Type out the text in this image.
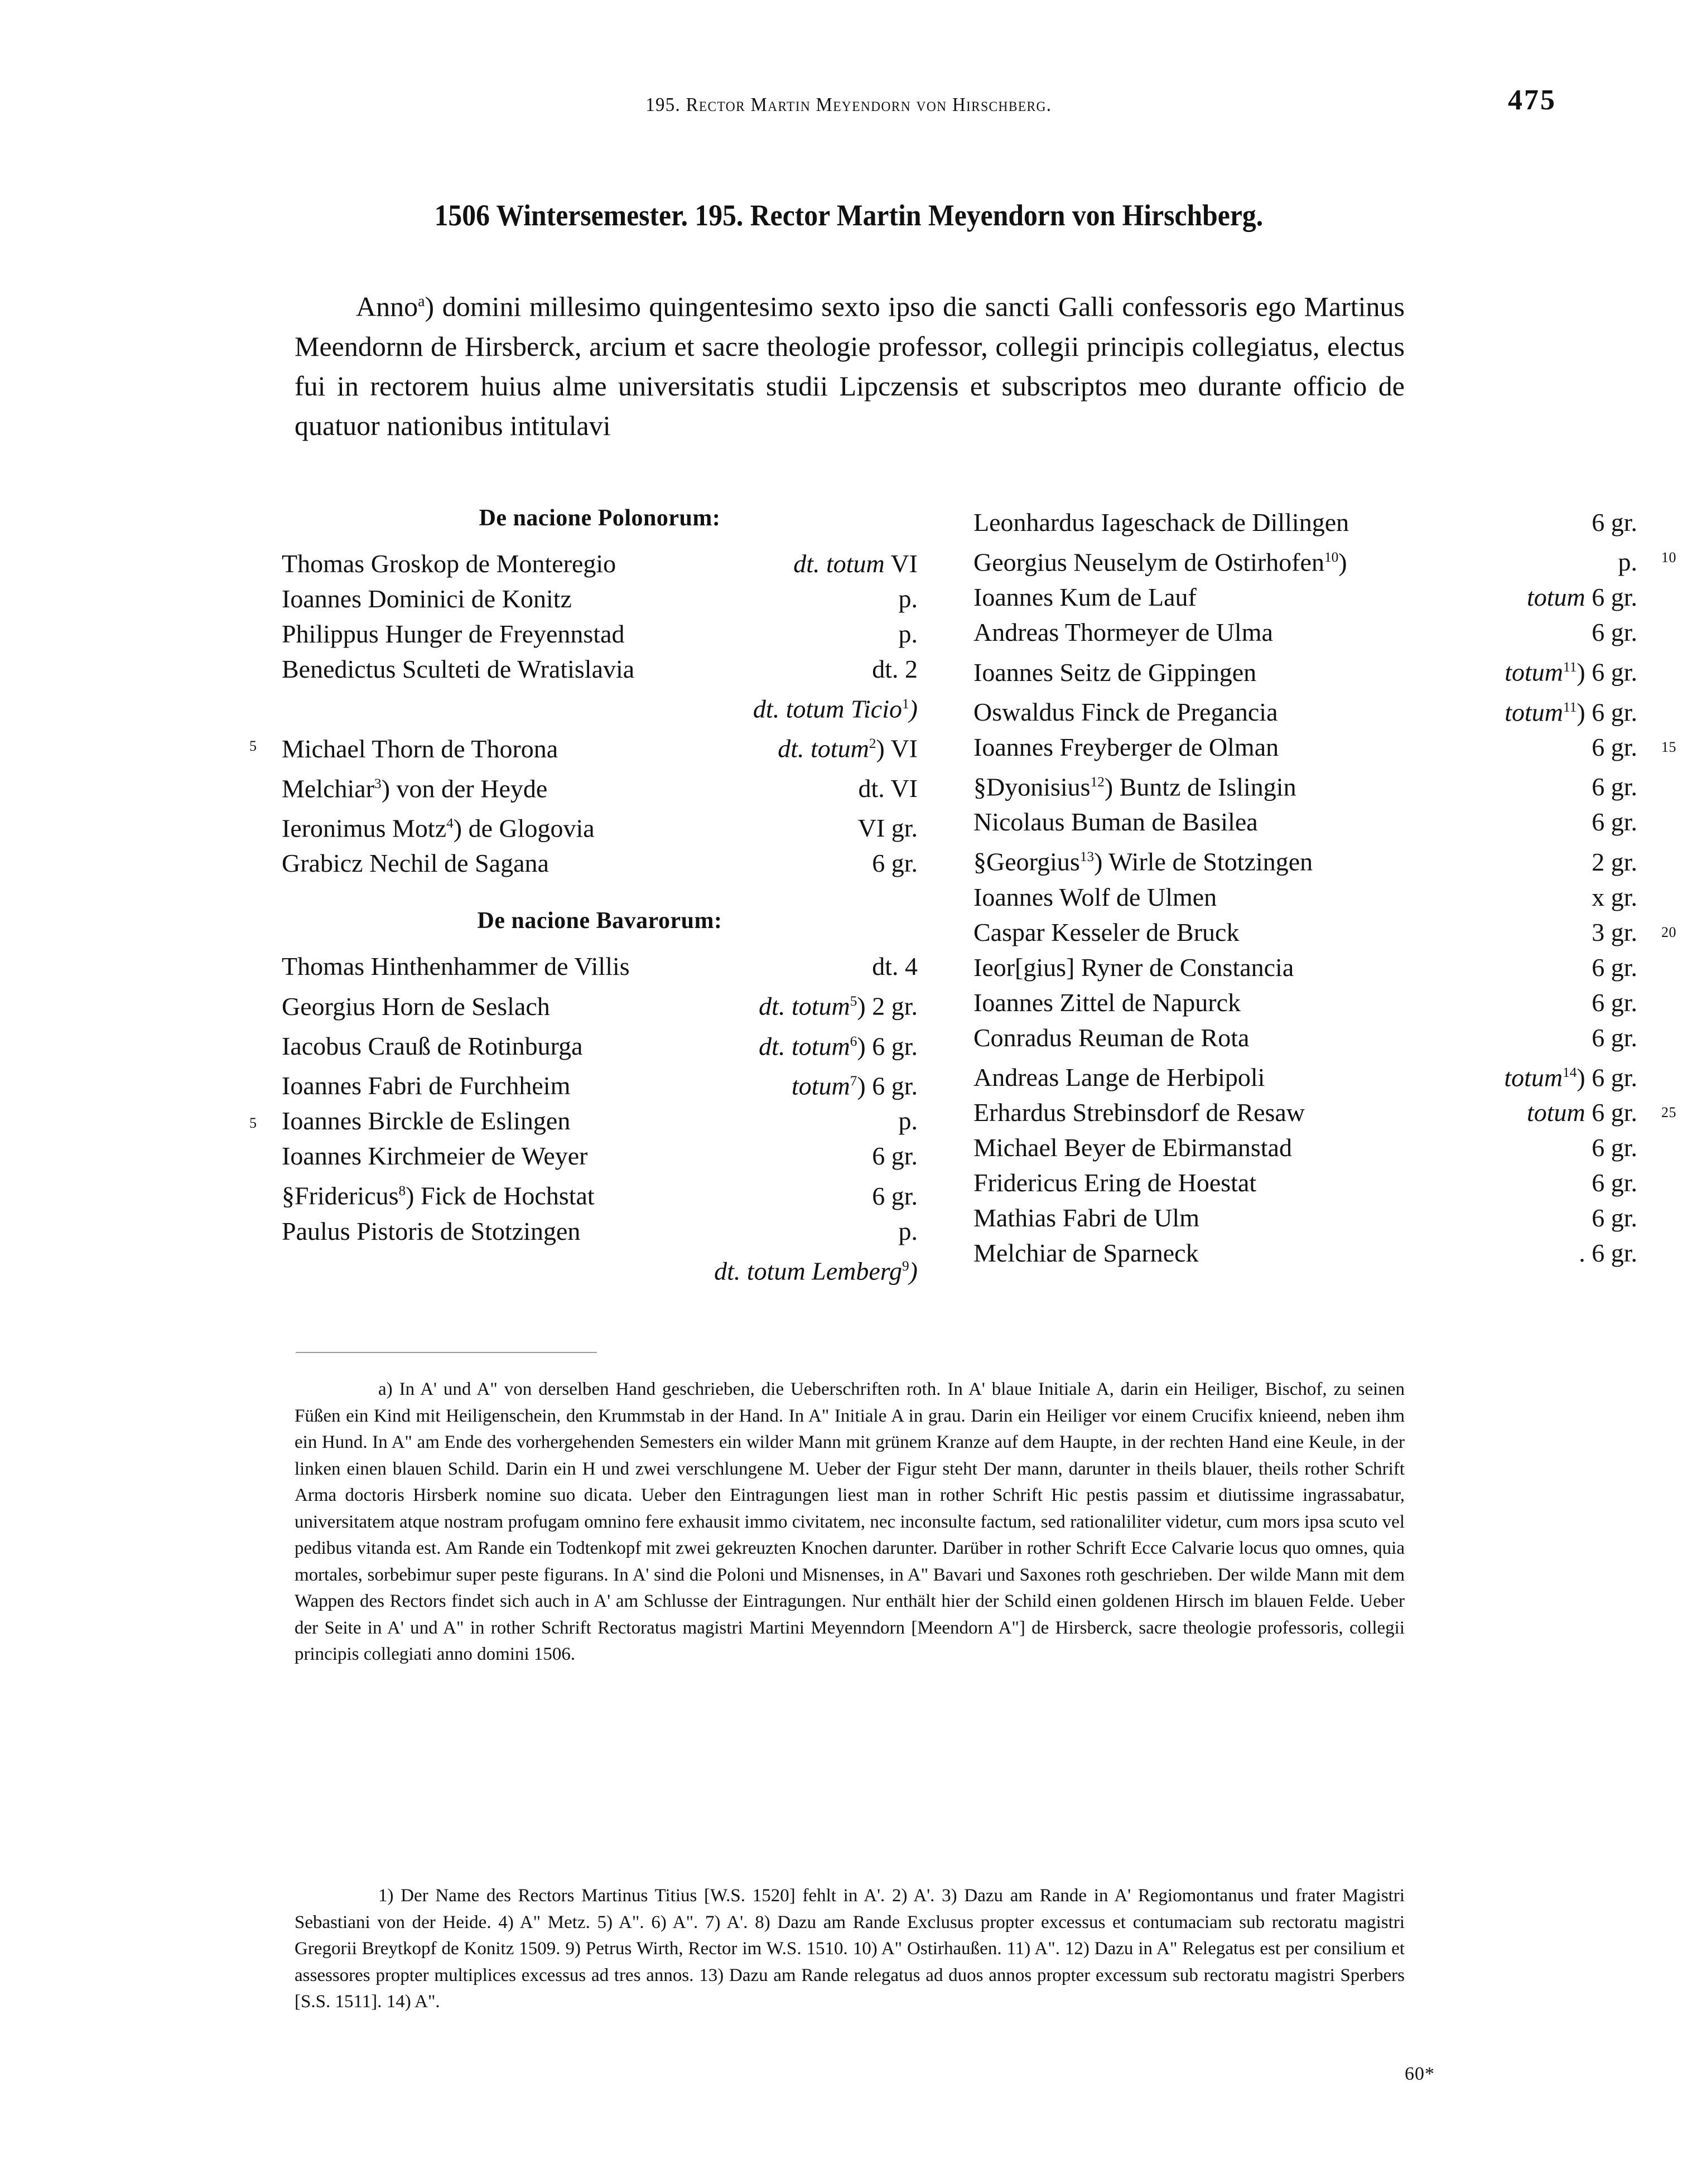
195. Rector Martin Meyendorn von Hirschberg.	475
1506 Wintersemester. 195. Rector Martin Meyendorn von Hirschberg.

Anno$^a$) domini millesimo quingentesimo sexto ipso die sancti Galli confessoris ego Martinus Meendornn de Hirsberck, arcium et sacre theologie professor, collegii principis collegiatus, electus fui in rectorem huius alme universitatis studii Lipczensis et subscriptos meo durante officio de quatuor nationibus intitulavi

De nacione Polonorum:
Thomas Groskop de Monteregio	dt. totum VI
Ioannes Dominici de Konitz	p.
Philippus Hunger de Freyennstad	p.
Benedictus Sculteti de Wratislavia	dt. 2
dt. totum Ticio$^1$)
5 Michael Thorn de Thorona	dt. totum$^2$) VI
Melchiar$^3$) von der Heyde	dt. VI
Ieronimus Motz$^4$) de Glogovia	VI gr.
Grabicz Nechil de Sagana	6 gr.
De nacione Bavarorum:
Thomas Hinthenhammer de Villis	dt. 4
Georgius Horn de Seslach	dt. totum$^5$) 2 gr.
Iacobus Crauß de Rotinburga	dt. totum$^6$) 6 gr.
Ioannes Fabri de Furchheim	totum$^7$) 6 gr.
5 Ioannes Birckle de Eslingen	p.
Ioannes Kirchmeier de Weyer	6 gr.
§Fridericus$^8$) Fick de Hochstat	6 gr.
Paulus Pistoris de Stotzingen	p.
dt. totum Lemberg$^9$)
Leonhardus Iageschack de Dillingen	6 gr.
Georgius Neuselym de Ostirhofen$^{10}$)	p. 10
Ioannes Kum de Lauf	totum 6 gr.
Andreas Thormeyer de Ulma	6 gr.
Ioannes Seitz de Gippingen	totum$^{11}$) 6 gr.
Oswaldus Finck de Pregancia	totum$^{11}$) 6 gr.
Ioannes Freyberger de Olman	6 gr. 15
§Dyonisius$^{12}$) Buntz de Islingin	6 gr.
Nicolaus Buman de Basilea	6 gr.
§Georgius$^{13}$) Wirle de Stotzingen	2 gr.
Ioannes Wolf de Ulmen	x gr.
Caspar Kesseler de Bruck	3 gr. 20
Ieor[gius] Ryner de Constancia	6 gr.
Ioannes Zittel de Napurck	6 gr.
Conradus Reuman de Rota	6 gr.
Andreas Lange de Herbipoli	totum$^{14}$) 6 gr.
Erhardus Strebinsdorf de Resaw	totum 6 gr. 25
Michael Beyer de Ebirmanstad	6 gr.
Fridericus Ering de Hoestat	6 gr.
Mathias Fabri de Ulm	6 gr.
Melchiar de Sparneck	. 6 gr.

a) In A' und A" von derselben Hand geschrieben, die Ueberschriften roth. In A' blaue Initiale A, darin ein Heiliger, Bischof, zu seinen Füßen ein Kind mit Heiligenschein, den Krummstab in der Hand. In A" Initiale A in grau. Darin ein Heiliger vor einem Crucifix knieend, neben ihm ein Hund. In A" am Ende des vorhergehenden Semesters ein wilder Mann mit grünem Kranze auf dem Haupte, in der rechten Hand eine Keule, in der linken einen blauen Schild. Darin ein H und zwei verschlungene M. Ueber der Figur steht Der mann, darunter in theils blauer, theils rother Schrift Arma doctoris Hirsberk nomine suo dicata. Ueber den Eintragungen liest man in rother Schrift Hic pestis passim et diutissime ingrassabatur, universitatem atque nostram profugam omnino fere exhausit immo civitatem, nec inconsulte factum, sed rationaliliter videtur, cum mors ipsa scuto vel pedibus vitanda est. Am Rande ein Todtenkopf mit zwei gekreuzten Knochen darunter. Darüber in rother Schrift Ecce Calvarie locus quo omnes, quia mortales, sorbebimur super peste figurans. In A' sind die Poloni und Misnenses, in A" Bavari und Saxones roth geschrieben. Der wilde Mann mit dem Wappen des Rectors findet sich auch in A' am Schlusse der Eintragungen. Nur enthält hier der Schild einen goldenen Hirsch im blauen Felde. Ueber der Seite in A' und A" in rother Schrift Rectoratus magistri Martini Meyenndorn [Meendorn A"] de Hirsberck, sacre theologie professoris, collegii principis collegiati anno domini 1506.

1) Der Name des Rectors Martinus Titius [W.S. 1520] fehlt in A'. 2) A'. 3) Dazu am Rande in A' Regiomontanus und frater Magistri Sebastiani von der Heide. 4) A" Metz. 5) A". 6) A". 7) A'. 8) Dazu am Rande Exclusus propter excessus et contumaciam sub rectoratu magistri Gregorii Breytkopf de Konitz 1509. 9) Petrus Wirth, Rector im W.S. 1510. 10) A" Ostirhaußen. 11) A". 12) Dazu in A" Relegatus est per consilium et assessores propter multiplices excessus ad tres annos. 13) Dazu am Rande relegatus ad duos annos propter excessum sub rectoratu magistri Sperbers [S.S. 1511]. 14) A".

60*
